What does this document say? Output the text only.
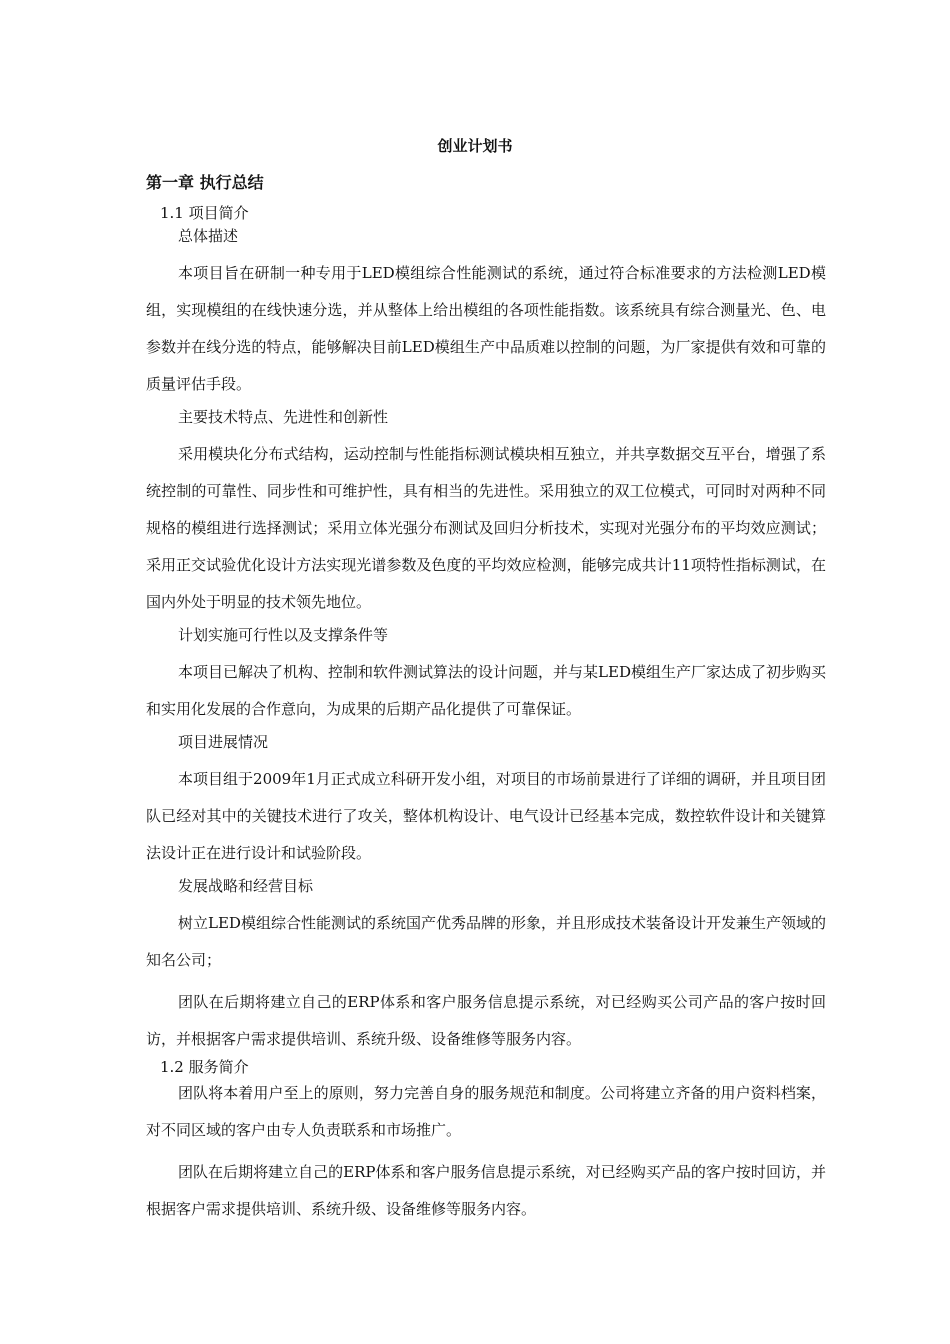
创业计划书
第一章 执行总结

1.1 项目简介

总体描述

本项目旨在研制一种专用于LED模组综合性能测试的系统，通过符合标准要求的方法检测LED模组，实现模组的在线快速分选，并从整体上给出模组的各项性能指数。该系统具有综合测量光、色、电参数并在线分选的特点，能够解决目前LED模组生产中品质难以控制的问题，为厂家提供有效和可靠的质量评估手段。

主要技术特点、先进性和创新性

采用模块化分布式结构，运动控制与性能指标测试模块相互独立，并共享数据交互平台，增强了系统控制的可靠性、同步性和可维护性，具有相当的先进性。采用独立的双工位模式，可同时对两种不同规格的模组进行选择测试；采用立体光强分布测试及回归分析技术，实现对光强分布的平均效应测试；采用正交试验优化设计方法实现光谱参数及色度的平均效应检测，能够完成共计11项特性指标测试，在国内外处于明显的技术领先地位。

计划实施可行性以及支撑条件等

本项目已解决了机构、控制和软件测试算法的设计问题，并与某LED模组生产厂家达成了初步购买和实用化发展的合作意向，为成果的后期产品化提供了可靠保证。

项目进展情况

本项目组于2009年1月正式成立科研开发小组，对项目的市场前景进行了详细的调研，并且项目团队已经对其中的关键技术进行了攻关，整体机构设计、电气设计已经基本完成，数控软件设计和关键算法设计正在进行设计和试验阶段。

发展战略和经营目标

树立LED模组综合性能测试的系统国产优秀品牌的形象，并且形成技术装备设计开发兼生产领域的知名公司；

团队在后期将建立自己的ERP体系和客户服务信息提示系统，对已经购买公司产品的客户按时回访，并根据客户需求提供培训、系统升级、设备维修等服务内容。

1.2 服务简介

团队将本着用户至上的原则，努力完善自身的服务规范和制度。公司将建立齐备的用户资料档案，对不同区域的客户由专人负责联系和市场推广。

团队在后期将建立自己的ERP体系和客户服务信息提示系统，对已经购买产品的客户按时回访，并根据客户需求提供培训、系统升级、设备维修等服务内容。
